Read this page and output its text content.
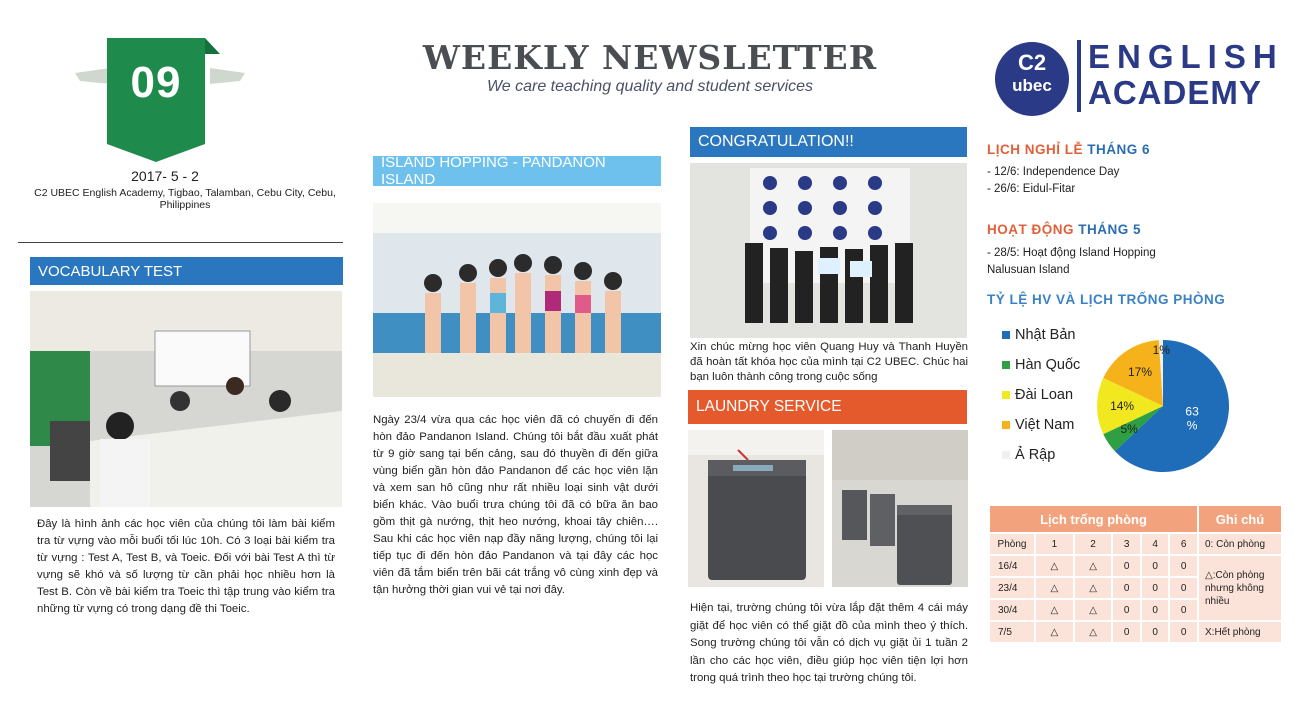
09
2017- 5 - 2
C2 UBEC English Academy, Tigbao, Talamban, Cebu City, Cebu, Philippines
WEEKLY NEWSLETTER
We care teaching quality and student services
C2
ubec
ENGLISH
ACADEMY
VOCABULARY TEST
Đây là hình ảnh các học viên của chúng tôi làm bài kiểm tra từ vựng vào mỗi buổi tối lúc 10h. Có 3 loại bài kiểm tra từ vựng : Test A, Test B, và Toeic. Đối với bài Test A thì từ vựng sẽ khó và số lượng từ cần phải học nhiều hơn là Test B. Còn về bài kiểm tra Toeic thì tập trung vào kiểm tra những từ vựng có trong dạng đề thi Toeic.
ISLAND HOPPING - PANDANON ISLAND
Ngày 23/4 vừa qua các học viên đã có chuyến đi đến hòn đảo Pandanon Island. Chúng tôi bắt đầu xuất phát từ 9 giờ sang tại bến cảng, sau đó thuyền đi đến giữa vùng biển gần hòn đảo Pandanon để các học viên lặn và xem san hô cũng như rất nhiều loại sinh vật dưới biển khác. Vào buổi trưa chúng tôi đã có bữa ăn bao gồm thịt gà nướng, thịt heo nướng, khoai tây chiên…. Sau khi các học viên nạp đầy năng lượng, chúng tôi lại tiếp tục đi đến hòn đảo Pandanon và tại đây các học viên đã tắm biển trên bãi cát trắng vô cùng xinh đẹp và tận hưởng thời gian vui vẻ tại nơi đây.
CONGRATULATION!!
Xin chúc mừng học viên Quang Huy và Thanh Huyền đã hoàn tất khóa học của mình tại C2 UBEC. Chúc hai bạn luôn thành công trong cuộc sống
LAUNDRY SERVICE
Hiện tại, trường chúng tôi vừa lắp đặt thêm 4 cái máy giặt để học viên có thể giặt đồ của mình theo ý thích. Song trường chúng tôi vẫn có dịch vụ giặt ủi 1 tuần 2 lần cho các học viên, điều giúp học viên tiện lợi hơn trong quá trình theo học tại trường chúng tôi.
LỊCH NGHỈ LỄ THÁNG 6
- 12/6: Independence Day
- 26/6: Eidul-Fitar
HOẠT ĐỘNG THÁNG 5
- 28/5: Hoạt động Island Hopping
Nalusuan Island
TỶ LỆ HV VÀ LỊCH TRỐNG PHÒNG
Nhật Bản
Hàn Quốc
Đài Loan
Việt Nam
Ả Rập
63 %
5%
14%
17%
1%
Lịch trống phòng						Ghi chú
Phòng	1	2	3	4	6	0: Còn phòng
16/4	△	△	0	0	0	△:Còn phòng nhưng không nhiều
23/4	△	△	0	0	0	
30/4	△	△	0	0	0	
7/5	△	△	0	0	0	X:Hết phòng
